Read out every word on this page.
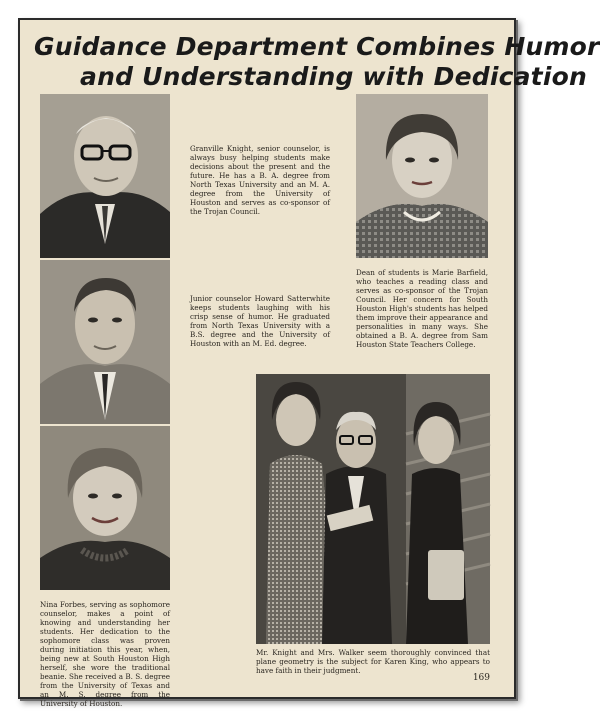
Guidance Department Combines Humor
and Understanding with Dedication
Granville Knight, senior counselor, is always busy helping students make decisions about the present and the future. He has a B. A. degree from North Texas University and an M. A. degree from the University of Houston and serves as co-sponsor of the Trojan Council.
Dean of students is Marie Barfield, who teaches a reading class and serves as co-sponsor of the Trojan Council. Her concern for South Houston High's students has helped them improve their appearance and personalities in many ways. She obtained a B. A. degree from Sam Houston State Teachers College.
Junior counselor Howard Satterwhite keeps students laughing with his crisp sense of humor. He graduated from North Texas University with a B.S. degree and the University of Houston with an M. Ed. degree.
Nina Forbes, serving as sophomore counselor, makes a point of knowing and understanding her students. Her dedication to the sophomore class was proven during initiation this year, when, being new at South Houston High herself, she wore the traditional beanie. She received a B. S. degree from the University of Texas and an M. S. degree from the University of Houston.
Mr. Knight and Mrs. Walker seem thoroughly convinced that plane geometry is the subject for Karen King, who appears to have faith in their judgment.
169
